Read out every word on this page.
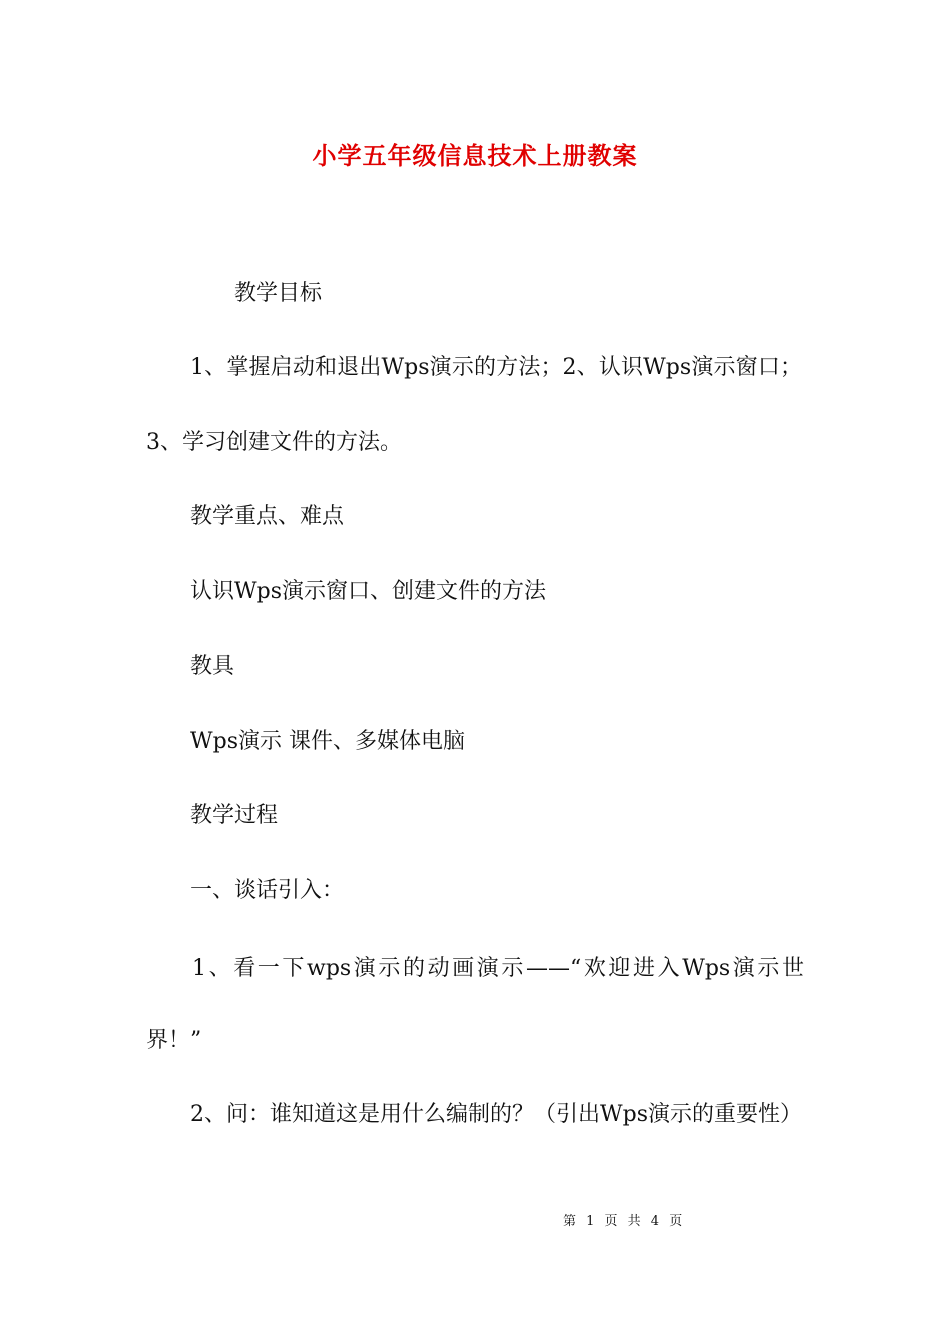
小学五年级信息技术上册教案
教学目标
1、掌握启动和退出Wps演示的方法；2、认识Wps演示窗口；
3、学习创建文件的方法。
教学重点、难点
认识Wps演示窗口、创建文件的方法
教具
Wps演示 课件、多媒体电脑
教学过程
一、谈话引入：
1、看一下wps演示的动画演示——“欢迎进入Wps演示世
界！”
2、问：谁知道这是用什么编制的？（引出Wps演示的重要性）
第 1 页 共 4 页
